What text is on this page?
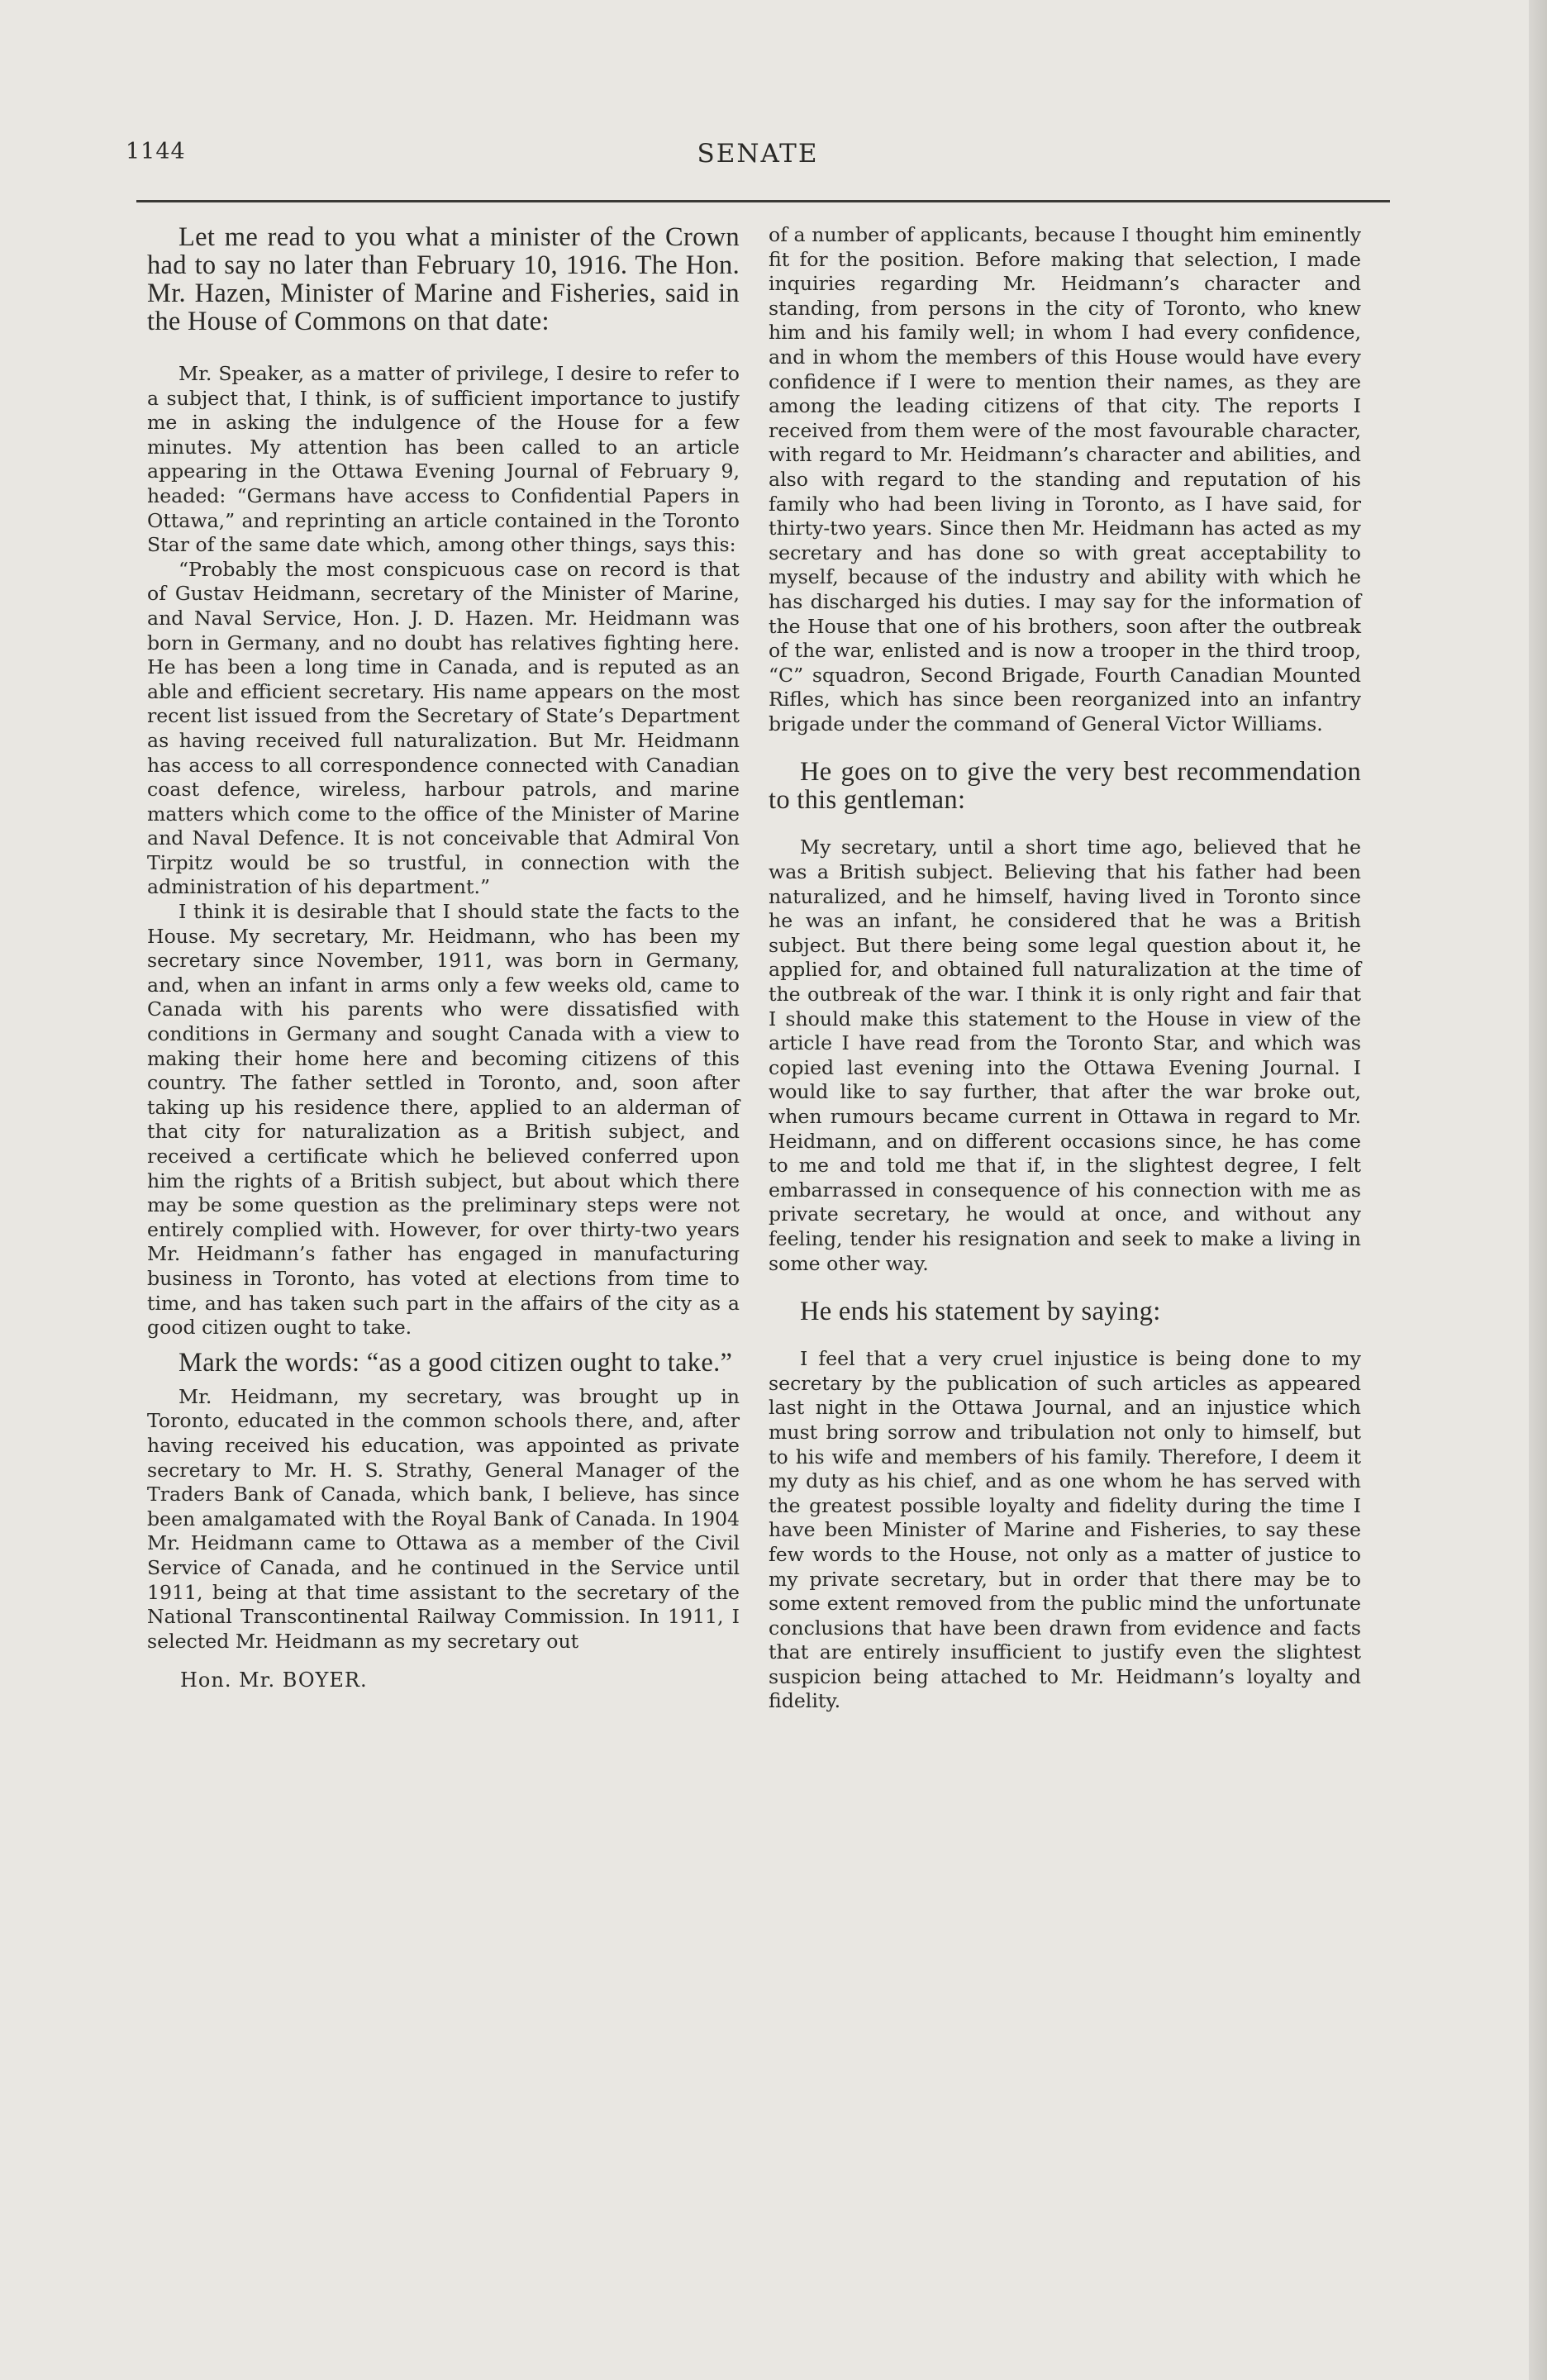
1144	SENATE

Let me read to you what a minister of the Crown had to say no later than February 10, 1916. The Hon. Mr. Hazen, Minister of Marine and Fisheries, said in the House of Commons on that date:

Mr. Speaker, as a matter of privilege, I desire to refer to a subject that, I think, is of sufficient importance to justify me in asking the indulgence of the House for a few minutes. My attention has been called to an article appearing in the Ottawa Evening Journal of February 9, headed: “Germans have access to Confidential Papers in Ottawa,” and reprinting an article contained in the Toronto Star of the same date which, among other things, says this:

“Probably the most conspicuous case on record is that of Gustav Heidmann, secretary of the Minister of Marine, and Naval Service, Hon. J. D. Hazen. Mr. Heidmann was born in Germany, and no doubt has relatives fighting here. He has been a long time in Canada, and is reputed as an able and efficient secretary. His name appears on the most recent list issued from the Secretary of State’s Department as having received full naturalization. But Mr. Heidmann has access to all correspondence connected with Canadian coast defence, wireless, harbour patrols, and marine matters which come to the office of the Minister of Marine and Naval Defence. It is not conceivable that Admiral Von Tirpitz would be so trustful, in connection with the administration of his department.”

I think it is desirable that I should state the facts to the House. My secretary, Mr. Heidmann, who has been my secretary since November, 1911, was born in Germany, and, when an infant in arms only a few weeks old, came to Canada with his parents who were dissatisfied with conditions in Germany and sought Canada with a view to making their home here and becoming citizens of this country. The father settled in Toronto, and, soon after taking up his residence there, applied to an alderman of that city for naturalization as a British subject, and received a certificate which he believed conferred upon him the rights of a British subject, but about which there may be some question as the preliminary steps were not entirely complied with. However, for over thirty-two years Mr. Heidmann’s father has engaged in manufacturing business in Toronto, has voted at elections from time to time, and has taken such part in the affairs of the city as a good citizen ought to take.

Mark the words: “as a good citizen ought to take.”

Mr. Heidmann, my secretary, was brought up in Toronto, educated in the common schools there, and, after having received his education, was appointed as private secretary to Mr. H. S. Strathy, General Manager of the Traders Bank of Canada, which bank, I believe, has since been amalgamated with the Royal Bank of Canada. In 1904 Mr. Heidmann came to Ottawa as a member of the Civil Service of Canada, and he continued in the Service until 1911, being at that time assistant to the secretary of the National Transcontinental Railway Commission. In 1911, I selected Mr. Heidmann as my secretary out

Hon. Mr. BOYER.

of a number of applicants, because I thought him eminently fit for the position. Before making that selection, I made inquiries regarding Mr. Heidmann’s character and standing, from persons in the city of Toronto, who knew him and his family well; in whom I had every confidence, and in whom the members of this House would have every confidence if I were to mention their names, as they are among the leading citizens of that city. The reports I received from them were of the most favourable character, with regard to Mr. Heidmann’s character and abilities, and also with regard to the standing and reputation of his family who had been living in Toronto, as I have said, for thirty-two years. Since then Mr. Heidmann has acted as my secretary and has done so with great acceptability to myself, because of the industry and ability with which he has discharged his duties. I may say for the information of the House that one of his brothers, soon after the outbreak of the war, enlisted and is now a trooper in the third troop, “C” squadron, Second Brigade, Fourth Canadian Mounted Rifles, which has since been reorganized into an infantry brigade under the command of General Victor Williams.

He goes on to give the very best recommendation to this gentleman:

My secretary, until a short time ago, believed that he was a British subject. Believing that his father had been naturalized, and he himself, having lived in Toronto since he was an infant, he considered that he was a British subject. But there being some legal question about it, he applied for, and obtained full naturalization at the time of the outbreak of the war. I think it is only right and fair that I should make this statement to the House in view of the article I have read from the Toronto Star, and which was copied last evening into the Ottawa Evening Journal. I would like to say further, that after the war broke out, when rumours became current in Ottawa in regard to Mr. Heidmann, and on different occasions since, he has come to me and told me that if, in the slightest degree, I felt embarrassed in consequence of his connection with me as private secretary, he would at once, and without any feeling, tender his resignation and seek to make a living in some other way.

He ends his statement by saying:

I feel that a very cruel injustice is being done to my secretary by the publication of such articles as appeared last night in the Ottawa Journal, and an injustice which must bring sorrow and tribulation not only to himself, but to his wife and members of his family. Therefore, I deem it my duty as his chief, and as one whom he has served with the greatest possible loyalty and fidelity during the time I have been Minister of Marine and Fisheries, to say these few words to the House, not only as a matter of justice to my private secretary, but in order that there may be to some extent removed from the public mind the unfortunate conclusions that have been drawn from evidence and facts that are entirely insufficient to justify even the slightest suspicion being attached to Mr. Heidmann’s loyalty and fidelity.
